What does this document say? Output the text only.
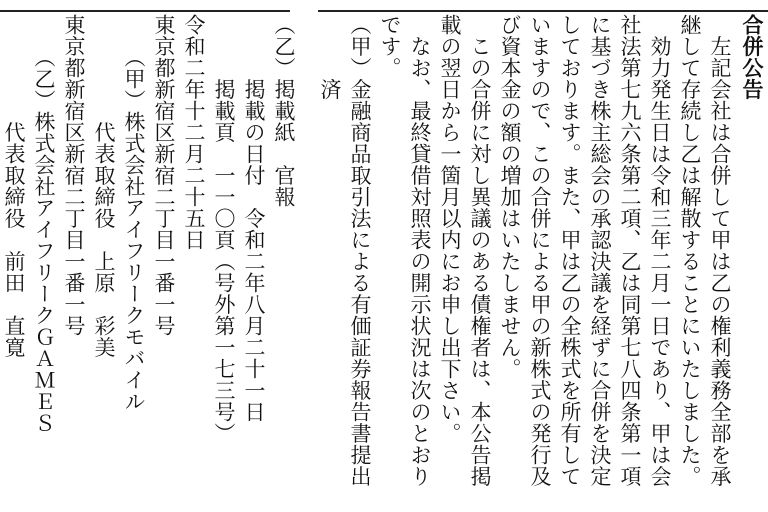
合併公告
　左記会社は合併して甲は乙の権利義務全部を承
継して存続し乙は解散することにいたしました。
　効力発生日は令和三年二月一日であり、甲は会
社法第七九六条第二項、乙は同第七八四条第一項
に基づき株主総会の承認決議を経ずに合併を決定
しております。また、甲は乙の全株式を所有して
いますので、この合併による甲の新株式の発行及
び資本金の額の増加はいたしません。
　この合併に対し異議のある債権者は、本公告掲
載の翌日から一箇月以内にお申し出下さい。
　なお、最終貸借対照表の開示状況は次のとおり
です。
（甲）金融商品取引法による有価証券報告書提出
　　　済
（乙）掲載紙　官報
　　　掲載の日付　令和二年八月二十一日
　　　掲載頁　一一〇頁（号外第一七三号）
令和二年十二月二十五日
東京都新宿区新宿二丁目一番一号
　　（甲）株式会社アイフリークモバイル
　　　　　代表取締役　上原　彩美
東京都新宿区新宿二丁目一番一号
　　（乙）株式会社アイフリークＧＡＭＥＳ
　　　　　代表取締役　前田　直寛
